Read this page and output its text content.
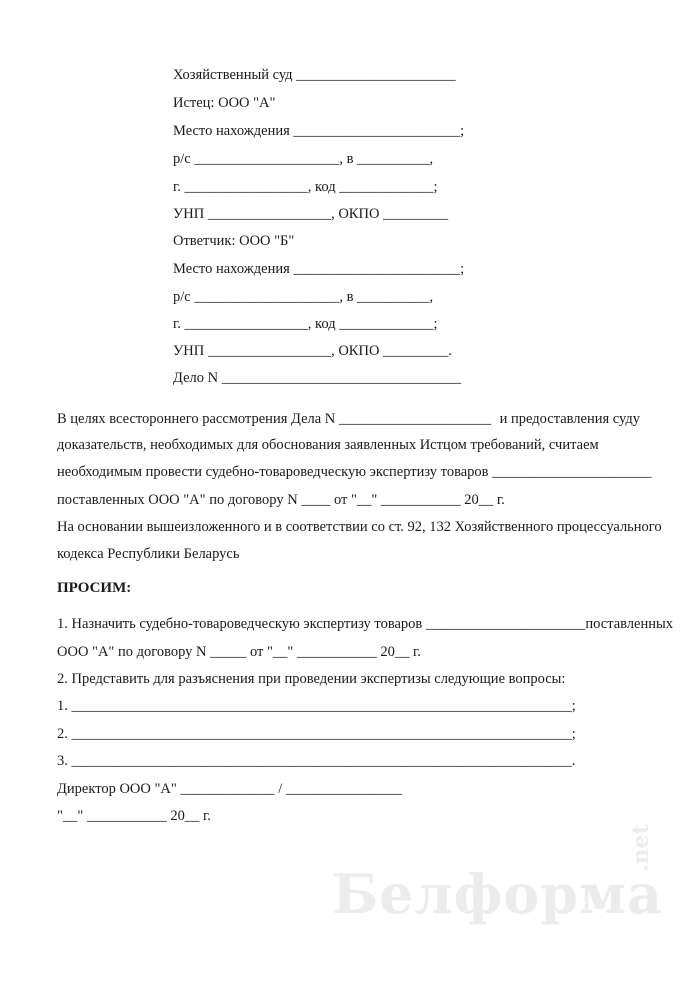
Хозяйственный суд ______________________
Истец: ООО "А"
Место нахождения _______________________;
р/с ____________________, в __________,
г. _________________, код _____________;
УНП _________________, ОКПО _________
Ответчик: ООО "Б"
Место нахождения _______________________;
р/с ____________________, в __________,
г. _________________, код _____________;
УНП _________________, ОКПО _________.
Дело N _________________________________
В целях всестороннего рассмотрения Дела N _____________________ и предоставления суду
доказательств, необходимых для обоснования заявленных Истцом требований, считаем
необходимым провести судебно-товароведческую экспертизу товаров ______________________
поставленных ООО "А" по договору N ____ от "__" ___________ 20__ г.
На основании вышеизложенного и в соответствии со ст. 92, 132 Хозяйственного процессуального
кодекса Республики Беларусь
ПРОСИМ:
1. Назначить судебно-товароведческую экспертизу товаров ______________________ поставленных
ООО "А" по договору N _____ от "__" ___________ 20__ г.
2. Представить для разъяснения при проведении экспертизы следующие вопросы:
1. _____________________________________________________________________;
2. _____________________________________________________________________;
3. _____________________________________________________________________.
Директор ООО "А" _____________ / ________________
"__" ___________ 20__ г.
Белформа
.net
